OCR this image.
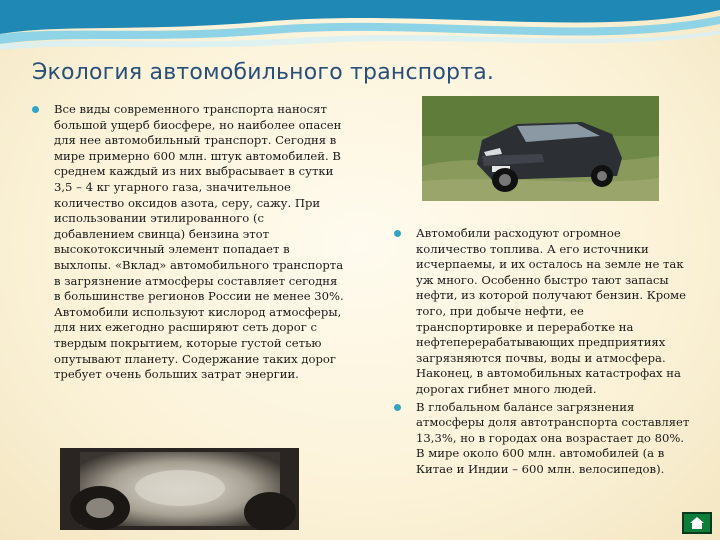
Экология автомобильного транспорта.
Все виды современного транспорта наносят большой ущерб биосфере, но наиболее опасен для нее автомобильный транспорт. Сегодня в мире примерно 600 млн. штук автомобилей. В среднем каждый из них выбрасывает в сутки 3,5 – 4 кг угарного газа, значительное количество оксидов азота, серу, сажу. При использовании этилированного (с добавлением свинца) бензина этот высокотоксичный элемент попадает в выхлопы. «Вклад» автомобильного транспорта в загрязнение атмосферы составляет сегодня в большинстве регионов России не менее 30%. Автомобили используют кислород атмосферы, для них ежегодно расширяют сеть дорог с твердым покрытием, которые густой сетью опутывают планету. Содержание таких дорог требует очень больших затрат энергии.
Автомобили расходуют огромное количество топлива. А его источники исчерпаемы, и их осталось на земле не так уж много. Особенно быстро тают запасы нефти, из которой получают бензин. Кроме того, при добыче нефти, ее транспортировке и переработке на нефтеперерабатывающих предприятиях загрязняются почвы, воды и атмосфера. Наконец, в автомобильных катастрофах на дорогах гибнет много людей.
В глобальном балансе загрязнения атмосферы доля автотранспорта составляет 13,3%, но в городах она возрастает до 80%. В мире около 600 млн. автомобилей (а в Китае и Индии – 600 млн. велосипедов).
